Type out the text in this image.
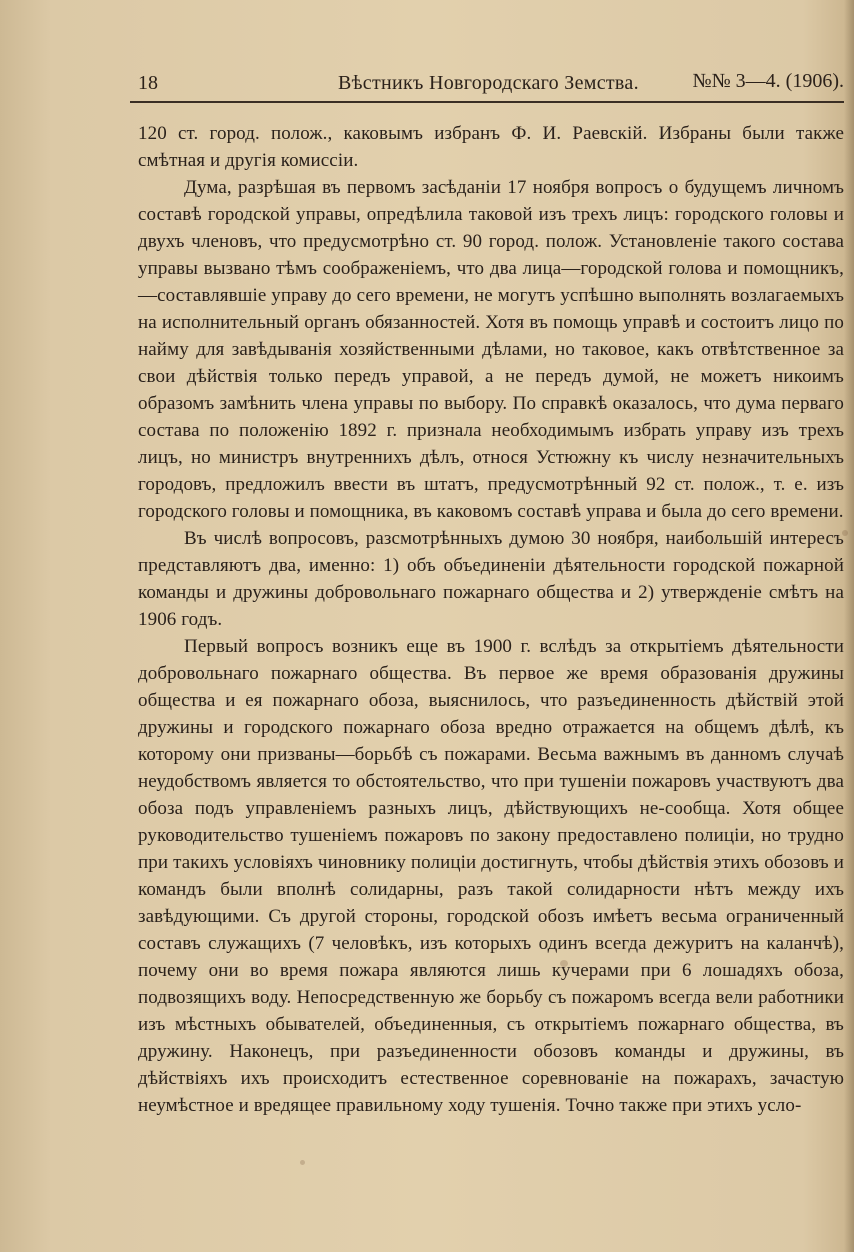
18	Вѣстникъ Новгородскаго Земства.	№№ 3—4. (1906).

120 ст. город. полож., каковымъ избранъ Ф. И. Раевскій. Избраны были также смѣтная и другія комиссіи.

Дума, разрѣшая въ первомъ засѣданіи 17 ноября вопросъ о будущемъ личномъ составѣ городской управы, опредѣлила таковой изъ трехъ лицъ: городского головы и двухъ членовъ, что предусмотрѣно ст. 90 город. полож. Установленіе такого состава управы вызвано тѣмъ соображеніемъ, что два лица—городской голова и помощникъ,—составлявшіе управу до сего времени, не могутъ успѣшно выполнять возлагаемыхъ на исполнительный органъ обязанностей. Хотя въ помощь управѣ и состоитъ лицо по найму для завѣдыванія хозяйственными дѣлами, но таковое, какъ отвѣтственное за свои дѣйствія только передъ управой, а не передъ думой, не можетъ никоимъ образомъ замѣнить члена управы по выбору. По справкѣ оказалось, что дума перваго состава по положенію 1892 г. признала необходимымъ избрать управу изъ трехъ лицъ, но министръ внутреннихъ дѣлъ, относя Устюжну къ числу незначительныхъ городовъ, предложилъ ввести въ штатъ, предусмотрѣнный 92 ст. полож., т. е. изъ городского головы и помощника, въ каковомъ составѣ управа и была до сего времени.

Въ числѣ вопросовъ, разсмотрѣнныхъ думою 30 ноября, наибольшій интересъ представляютъ два, именно: 1) объ объединеніи дѣятельности городской пожарной команды и дружины добровольнаго пожарнаго общества и 2) утвержденіе смѣтъ на 1906 годъ.

Первый вопросъ возникъ еще въ 1900 г. вслѣдъ за открытіемъ дѣятельности добровольнаго пожарнаго общества. Въ первое же время образованія дружины общества и ея пожарнаго обоза, выяснилось, что разъединенность дѣйствій этой дружины и городского пожарнаго обоза вредно отражается на общемъ дѣлѣ, къ которому они призваны—борьбѣ съ пожарами. Весьма важнымъ въ данномъ случаѣ неудобствомъ является то обстоятельство, что при тушеніи пожаровъ участвуютъ два обоза подъ управленіемъ разныхъ лицъ, дѣйствующихъ не-сообща. Хотя общее руководительство тушеніемъ пожаровъ по закону предоставлено полиціи, но трудно при такихъ условіяхъ чиновнику полиціи достигнуть, чтобы дѣйствія этихъ обозовъ и командъ были вполнѣ солидарны, разъ такой солидарности нѣтъ между ихъ завѣдующими. Съ другой стороны, городской обозъ имѣетъ весьма ограниченный составъ служащихъ (7 человѣкъ, изъ которыхъ одинъ всегда дежуритъ на каланчѣ), почему они во время пожара являются лишь кучерами при 6 лошадяхъ обоза, подвозящихъ воду. Непосредственную же борьбу съ пожаромъ всегда вели работники изъ мѣстныхъ обывателей, объединенныя, съ открытіемъ пожарнаго общества, въ дружину. Наконецъ, при разъединенности обозовъ команды и дружины, въ дѣйствіяхъ ихъ происходитъ естественное соревнованіе на пожарахъ, зачастую неумѣстное и вредящее правильному ходу тушенія. Точно также при этихъ усло-
